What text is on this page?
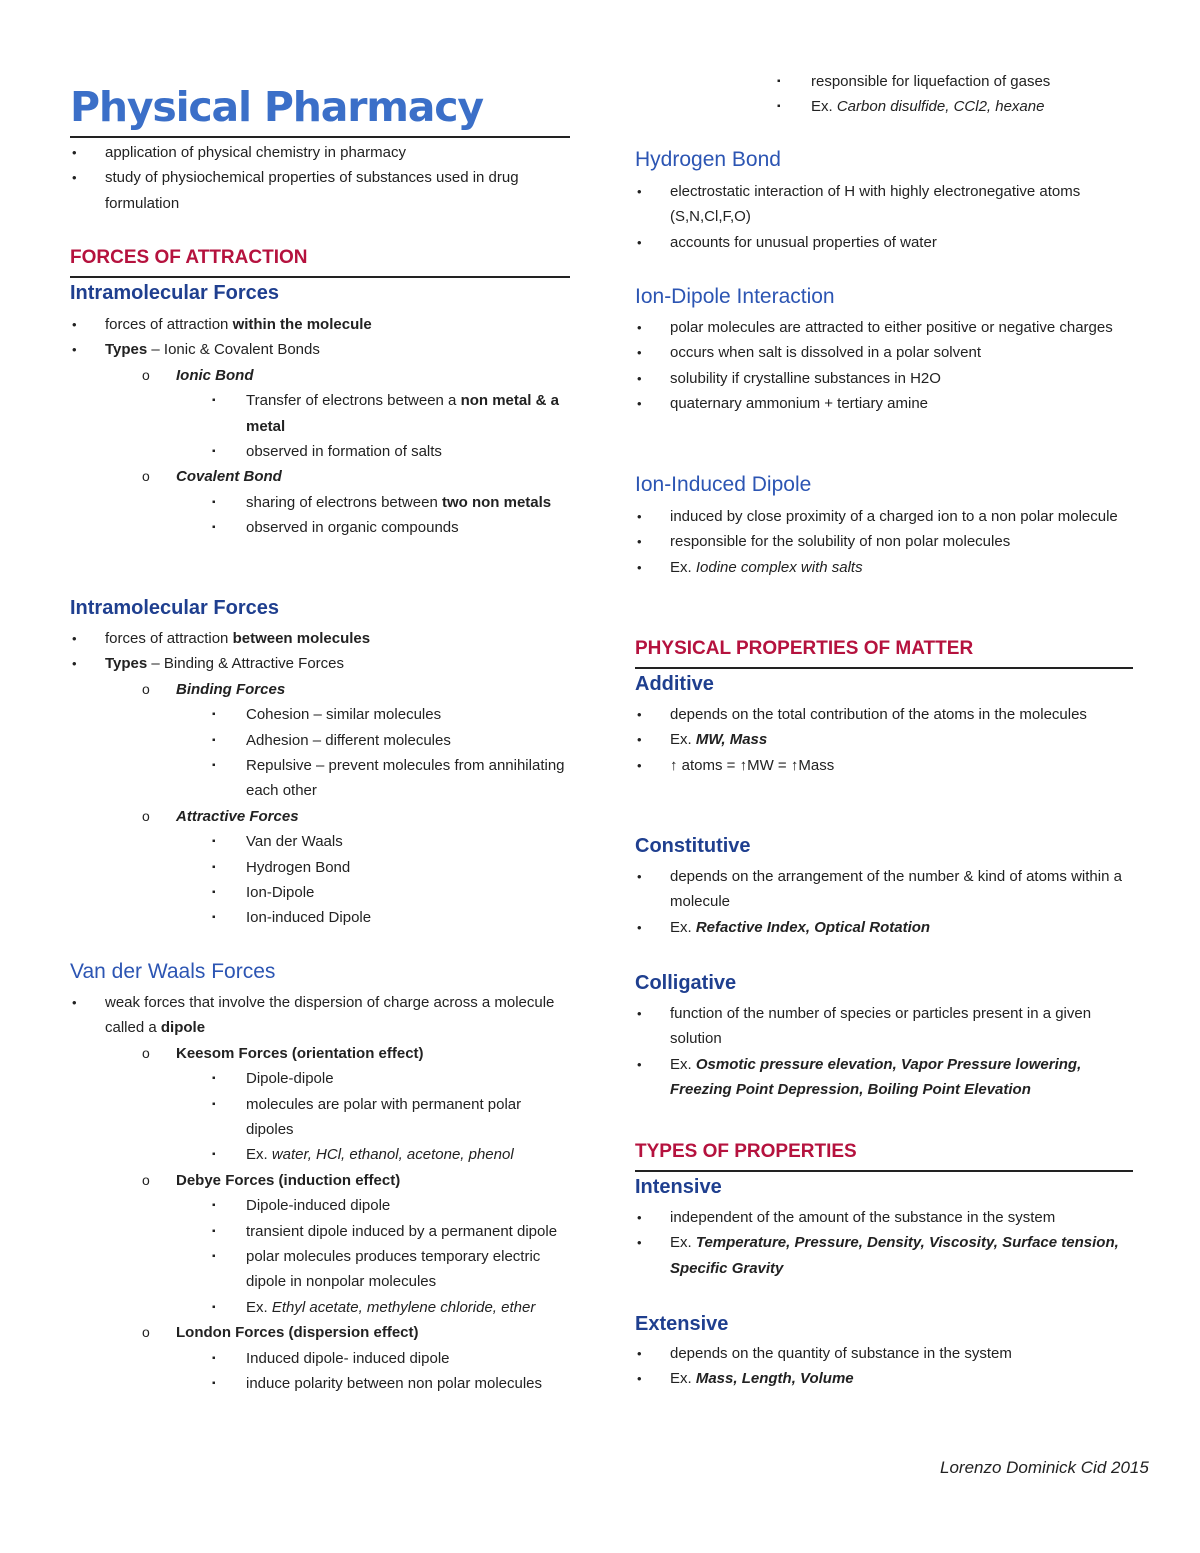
Physical Pharmacy
• application of physical chemistry in pharmacy
• study of physiochemical properties of substances used in drug formulation
FORCES OF ATTRACTION
Intramolecular Forces
• forces of attraction within the molecule
• Types – Ionic & Covalent Bonds
o Ionic Bond
▪ Transfer of electrons between a non metal & a metal
▪ observed in formation of salts
o Covalent Bond
▪ sharing of electrons between two non metals
▪ observed in organic compounds
Intramolecular Forces
• forces of attraction between molecules
• Types – Binding & Attractive Forces
o Binding Forces
▪ Cohesion – similar molecules
▪ Adhesion – different molecules
▪ Repulsive – prevent molecules from annihilating each other
o Attractive Forces
▪ Van der Waals
▪ Hydrogen Bond
▪ Ion-Dipole
▪ Ion-induced Dipole
Van der Waals Forces
• weak forces that involve the dispersion of charge across a molecule called a dipole
o Keesom Forces (orientation effect)
▪ Dipole-dipole
▪ molecules are polar with permanent polar dipoles
▪ Ex. water, HCl, ethanol, acetone, phenol
o Debye Forces (induction effect)
▪ Dipole-induced dipole
▪ transient dipole induced by a permanent dipole
▪ polar molecules produces temporary electric dipole in nonpolar molecules
▪ Ex. Ethyl acetate, methylene chloride, ether
o London Forces (dispersion effect)
▪ Induced dipole- induced dipole
▪ induce polarity between non polar molecules
▪ responsible for liquefaction of gases
▪ Ex. Carbon disulfide, CCl2, hexane
Hydrogen Bond
• electrostatic interaction of H with highly electronegative atoms (S,N,Cl,F,O)
• accounts for unusual properties of water
Ion-Dipole Interaction
• polar molecules are attracted to either positive or negative charges
• occurs when salt is dissolved in a polar solvent
• solubility if crystalline substances in H2O
• quaternary ammonium + tertiary amine
Ion-Induced Dipole
• induced by close proximity of a charged ion to a non polar molecule
• responsible for the solubility of non polar molecules
• Ex. Iodine complex with salts
PHYSICAL PROPERTIES OF MATTER
Additive
• depends on the total contribution of the atoms in the molecules
• Ex. MW, Mass
• ↑ atoms = ↑MW = ↑Mass
Constitutive
• depends on the arrangement of the number & kind of atoms within a molecule
• Ex. Refactive Index, Optical Rotation
Colligative
• function of the number of species or particles present in a given solution
• Ex. Osmotic pressure elevation, Vapor Pressure lowering, Freezing Point Depression, Boiling Point Elevation
TYPES OF PROPERTIES
Intensive
• independent of the amount of the substance in the system
• Ex. Temperature, Pressure, Density, Viscosity, Surface tension, Specific Gravity
Extensive
• depends on the quantity of substance in the system
• Ex. Mass, Length, Volume
Lorenzo Dominick Cid 2015
